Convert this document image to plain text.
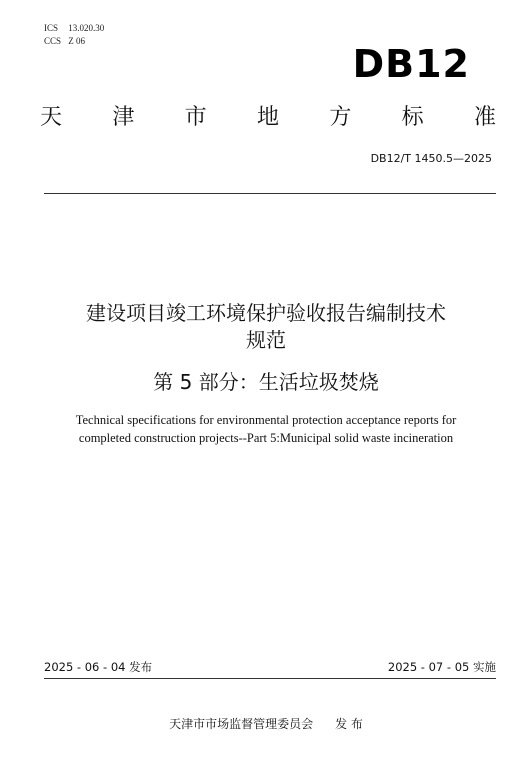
ICS 13.020.30
CCS Z 06
DB12
天 津 市 地 方 标 准
DB12/T 1450.5—2025
建设项目竣工环境保护验收报告编制技术
规范
第 5 部分：生活垃圾焚烧
Technical specifications for environmental protection acceptance reports for
completed construction projects--Part 5:Municipal solid waste incineration
2025 - 06 - 04 发布	2025 - 07 - 05 实施
天津市市场监督管理委员会 发 布
